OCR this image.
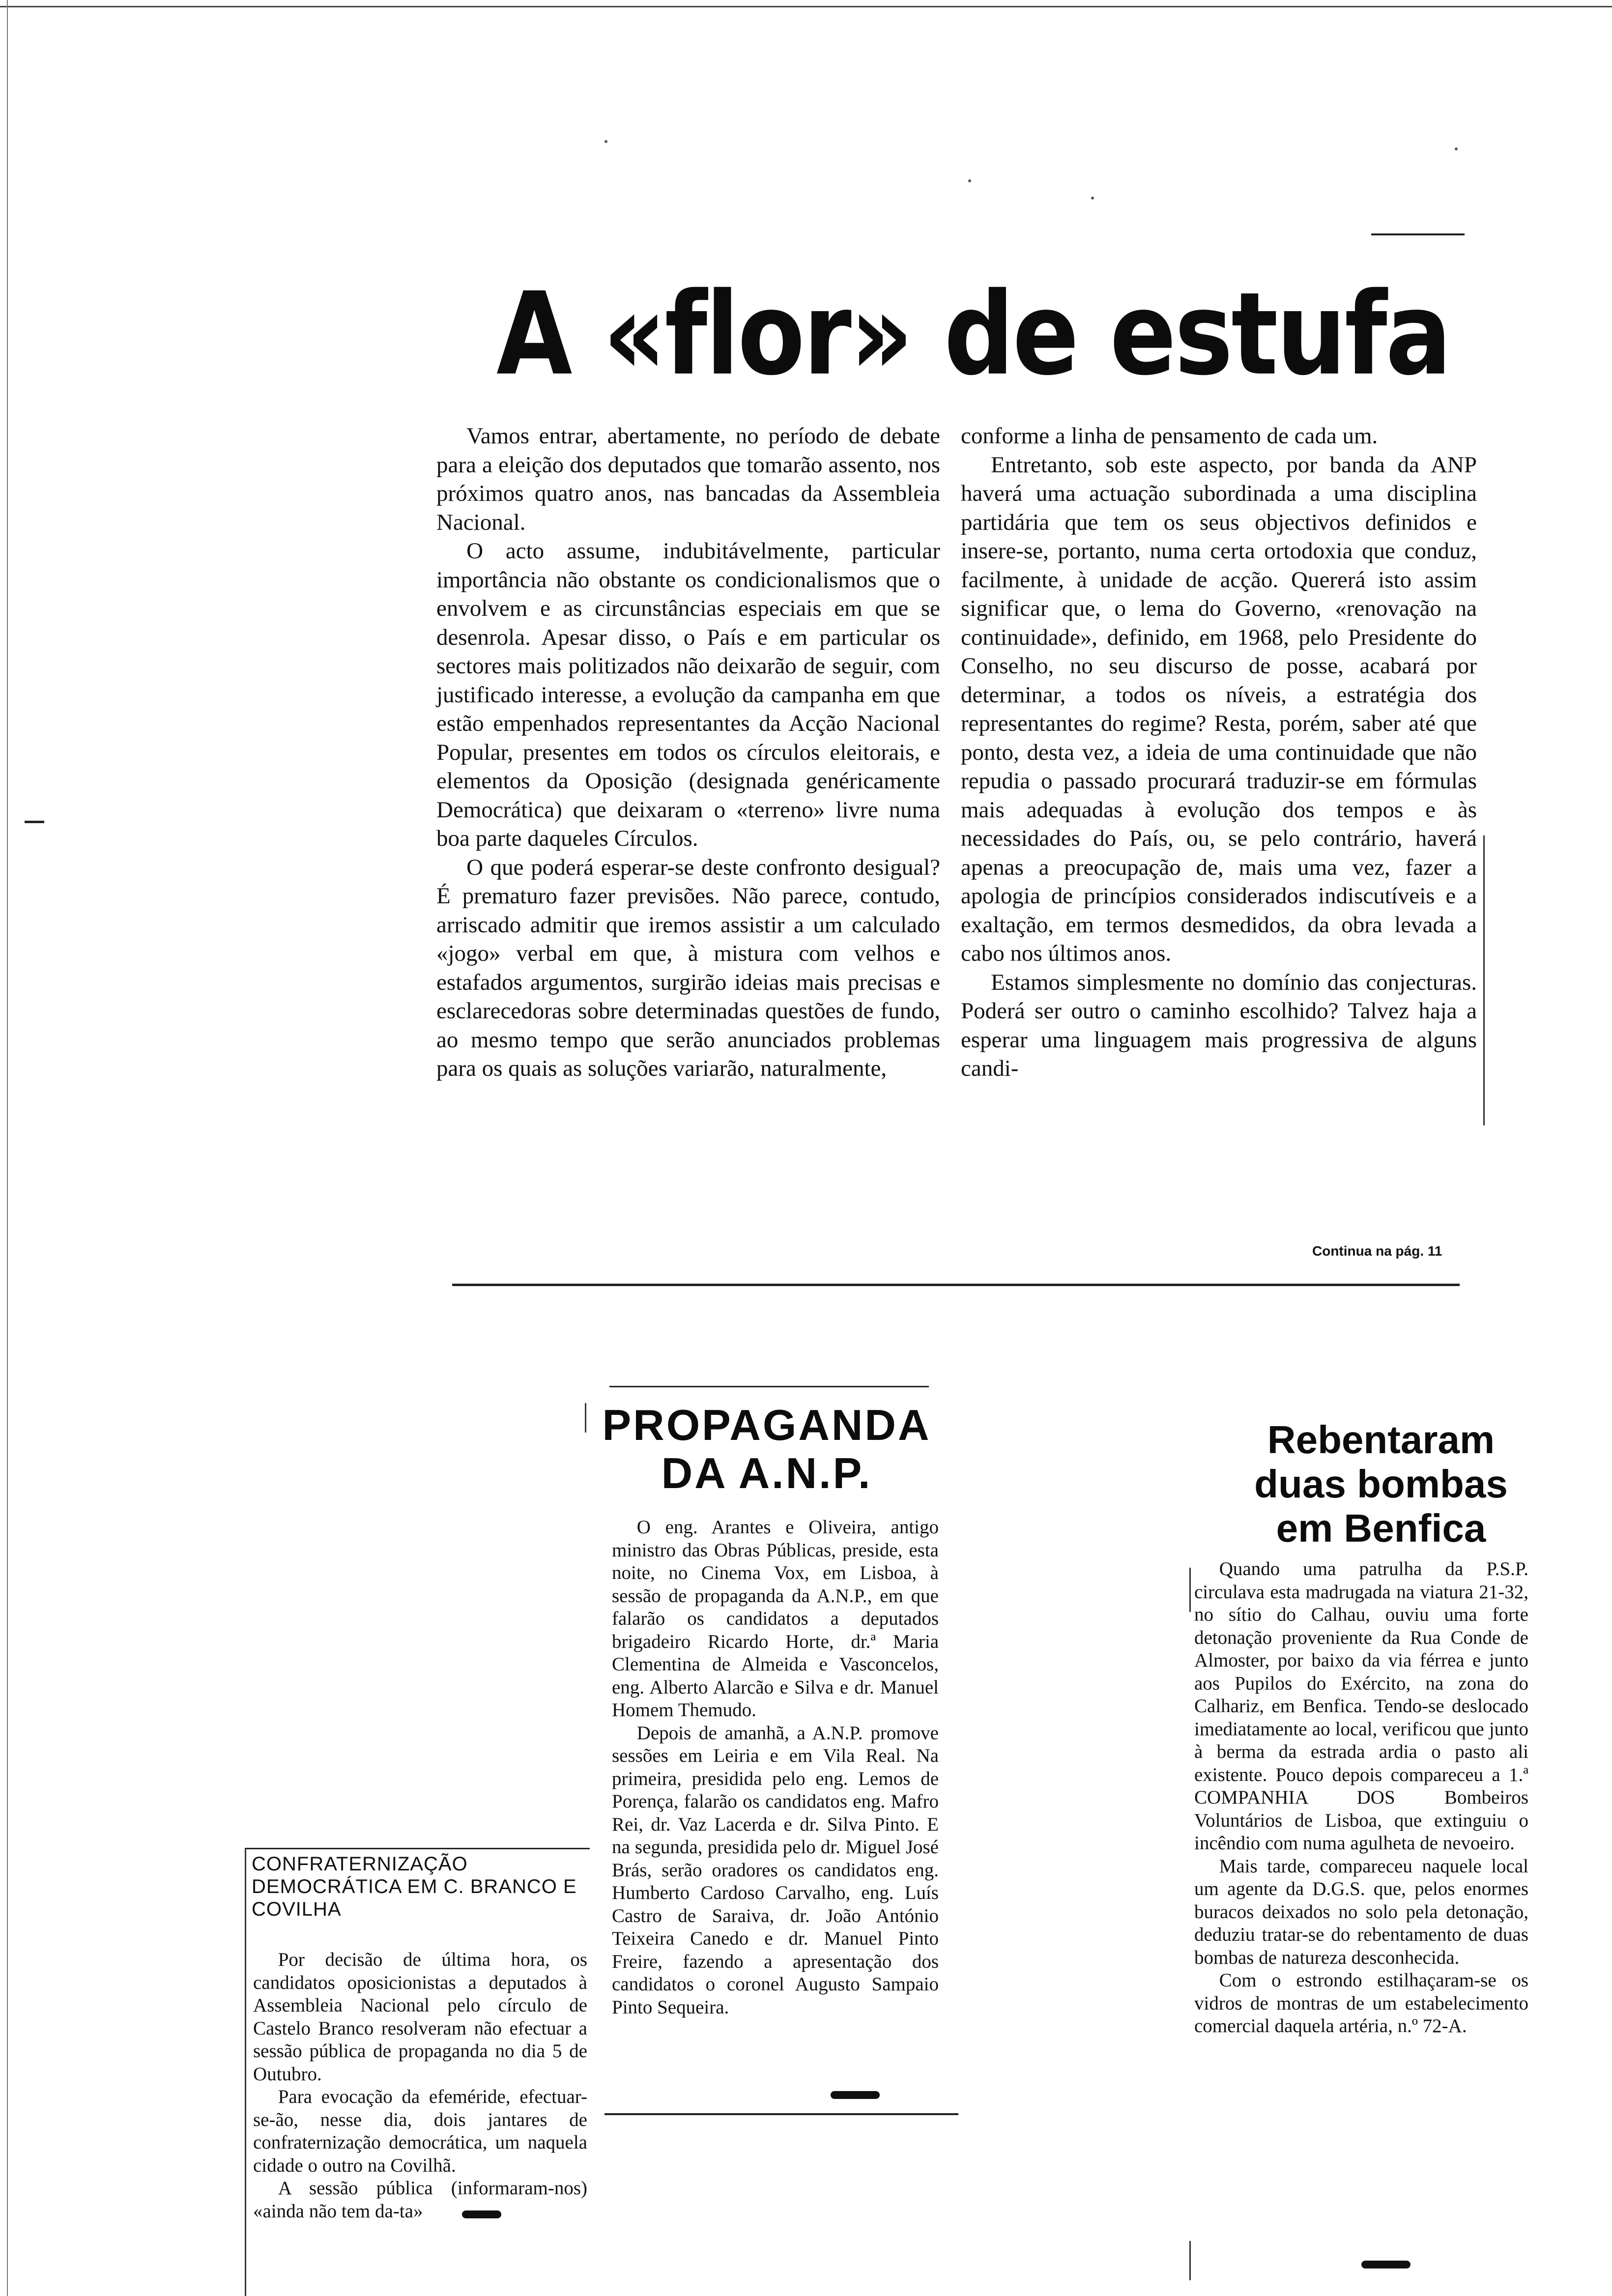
A «flor» de estufa

Vamos entrar, abertamente, no período de debate para a eleição dos deputados que tomarão assento, nos próximos quatro anos, nas bancadas da Assembleia Nacional.

O acto assume, indubitávelmente, particular importância não obstante os condicionalismos que o envolvem e as circunstâncias especiais em que se desenrola. Apesar disso, o País e em particular os sectores mais politizados não deixarão de seguir, com justificado interesse, a evolução da campanha em que estão empenhados representantes da Acção Nacional Popular, presentes em todos os círculos eleitorais, e elementos da Oposição (designada genéricamente Democrática) que deixaram o «terreno» livre numa boa parte daqueles Círculos.

O que poderá esperar-se deste confronto desigual? É prematuro fazer previsões. Não parece, contudo, arriscado admitir que iremos assistir a um calculado «jogo» verbal em que, à mistura com velhos e estafados argumentos, surgirão ideias mais precisas e esclarecedoras sobre determinadas questões de fundo, ao mesmo tempo que serão anunciados problemas para os quais as soluções variarão, naturalmente,

conforme a linha de pensamento de cada um.

Entretanto, sob este aspecto, por banda da ANP haverá uma actuação subordinada a uma disciplina partidária que tem os seus objectivos definidos e insere-se, portanto, numa certa ortodoxia que conduz, facilmente, à unidade de acção. Quererá isto assim significar que, o lema do Governo, «renovação na continuidade», definido, em 1968, pelo Presidente do Conselho, no seu discurso de posse, acabará por determinar, a todos os níveis, a estratégia dos representantes do regime? Resta, porém, saber até que ponto, desta vez, a ideia de uma continuidade que não repudia o passado procurará traduzir-se em fórmulas mais adequadas à evolução dos tempos e às necessidades do País, ou, se pelo contrário, haverá apenas a preocupação de, mais uma vez, fazer a apologia de princípios considerados indiscutíveis e a exaltação, em termos desmedidos, da obra levada a cabo nos últimos anos.

Estamos simplesmente no domínio das conjecturas. Poderá ser outro o caminho escolhido? Talvez haja a esperar uma linguagem mais progressiva de alguns candi-

Continua na pág. 11
PROPAGANDA
DA A.N.P.

O eng. Arantes e Oliveira, antigo ministro das Obras Públicas, preside, esta noite, no Cinema Vox, em Lisboa, à sessão de propaganda da A.N.P., em que falarão os candidatos a deputados brigadeiro Ricardo Horte, dr.ª Maria Clementina de Almeida e Vasconcelos, eng. Alberto Alarcão e Silva e dr. Manuel Homem Themudo.

Depois de amanhã, a A.N.P. promove sessões em Leiria e em Vila Real. Na primeira, presidida pelo eng. Lemos de Porença, falarão os candidatos eng. Mafro Rei, dr. Vaz Lacerda e dr. Silva Pinto. E na segunda, presidida pelo dr. Miguel José Brás, serão oradores os candidatos eng. Humberto Cardoso Carvalho, eng. Luís Castro de Saraiva, dr. João António Teixeira Canedo e dr. Manuel Pinto Freire, fazendo a apresentação dos candidatos o coronel Augusto Sampaio Pinto Sequeira.

Rebentaram
duas bombas
em Benfica

Quando uma patrulha da P.S.P. circulava esta madrugada na viatura 21-32, no sítio do Calhau, ouviu uma forte detonação proveniente da Rua Conde de Almoster, por baixo da via férrea e junto aos Pupilos do Exército, na zona do Calhariz, em Benfica. Tendo-se deslocado imediatamente ao local, verificou que junto à berma da estrada ardia o pasto ali existente. Pouco depois compareceu a 1.ª COMPANHIA DOS Bombeiros Voluntários de Lisboa, que extinguiu o incêndio com numa agulheta de nevoeiro.

Mais tarde, compareceu naquele local um agente da D.G.S. que, pelos enormes buracos deixados no solo pela detonação, deduziu tratar-se do rebentamento de duas bombas de natureza desconhecida.

Com o estrondo estilhaçaram-se os vidros de montras de um estabelecimento comercial daquela artéria, n.º 72-A.

CONFRATERNIZAÇÃO DEMOCRÁTICA EM C. BRANCO E COVILHA

Por decisão de última hora, os candidatos oposicionistas a deputados à Assembleia Nacional pelo círculo de Castelo Branco resolveram não efectuar a sessão pública de propaganda no dia 5 de Outubro.

Para evocação da efeméride, efectuar-se-ão, nesse dia, dois jantares de confraternização democrática, um naquela cidade o outro na Covilhã.

A sessão pública (informaram-nos) «ainda não tem da-ta»
